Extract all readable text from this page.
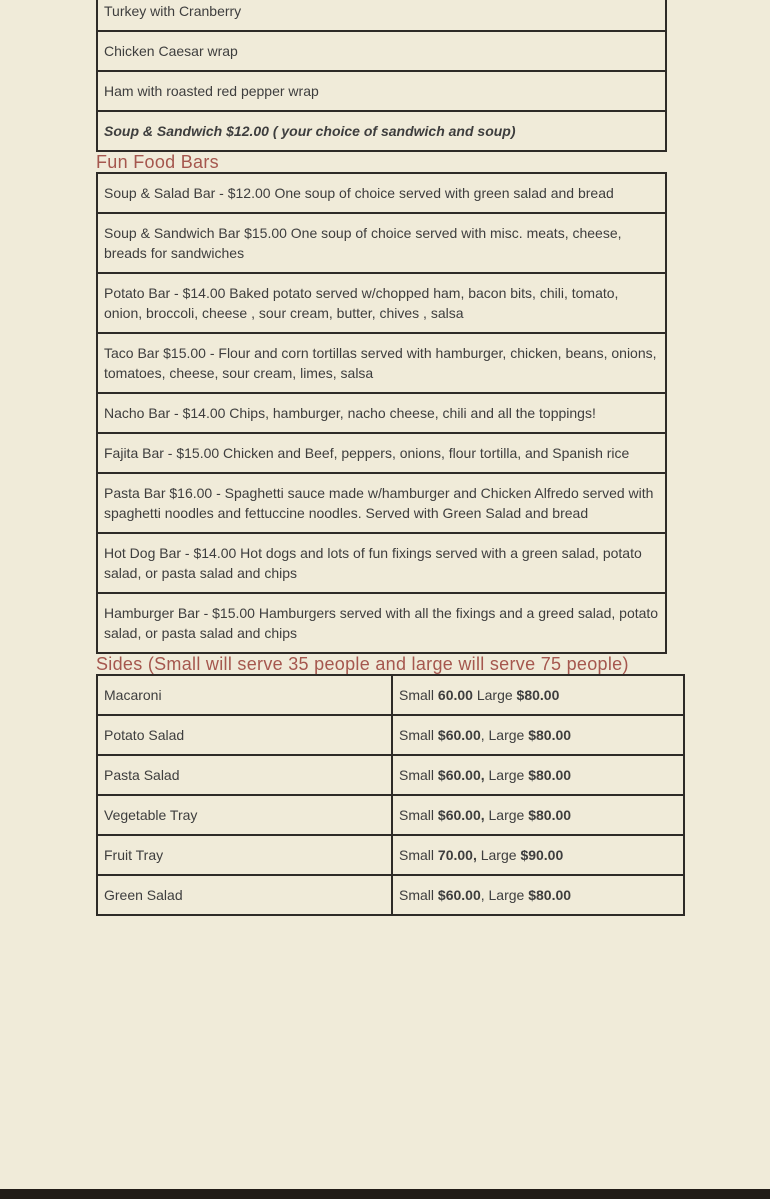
Turkey with Cranberry
Chicken Caesar wrap
Ham with roasted red pepper wrap
Soup & Sandwich $12.00 ( your choice of sandwich and soup)
Fun Food Bars
Soup & Salad Bar - $12.00 One soup of choice served with green salad and bread
Soup & Sandwich Bar $15.00 One soup of choice served with misc. meats, cheese, breads for sandwiches
Potato Bar - $14.00 Baked potato served w/chopped ham, bacon bits, chili, tomato, onion, broccoli, cheese , sour cream, butter, chives , salsa
Taco Bar $15.00 - Flour and corn tortillas served with hamburger, chicken, beans, onions, tomatoes, cheese, sour cream, limes, salsa
Nacho Bar - $14.00 Chips, hamburger, nacho cheese, chili and all the toppings!
Fajita Bar - $15.00 Chicken and Beef, peppers, onions, flour tortilla, and Spanish rice
Pasta Bar $16.00 - Spaghetti sauce made w/hamburger and Chicken Alfredo served with spaghetti noodles and fettuccine noodles. Served with Green Salad and bread
Hot Dog Bar - $14.00 Hot dogs and lots of fun fixings served with a green salad, potato salad, or pasta salad and chips
Hamburger Bar - $15.00 Hamburgers served with all the fixings and a greed salad, potato salad, or pasta salad and chips
Sides (Small will serve 35 people and large will serve 75 people)
Macaroni	Small 60.00 Large $80.00
Potato Salad	Small $60.00, Large $80.00
Pasta Salad	Small $60.00, Large $80.00
Vegetable Tray	Small $60.00, Large $80.00
Fruit Tray	Small 70.00, Large $90.00
Green Salad	Small $60.00, Large $80.00
